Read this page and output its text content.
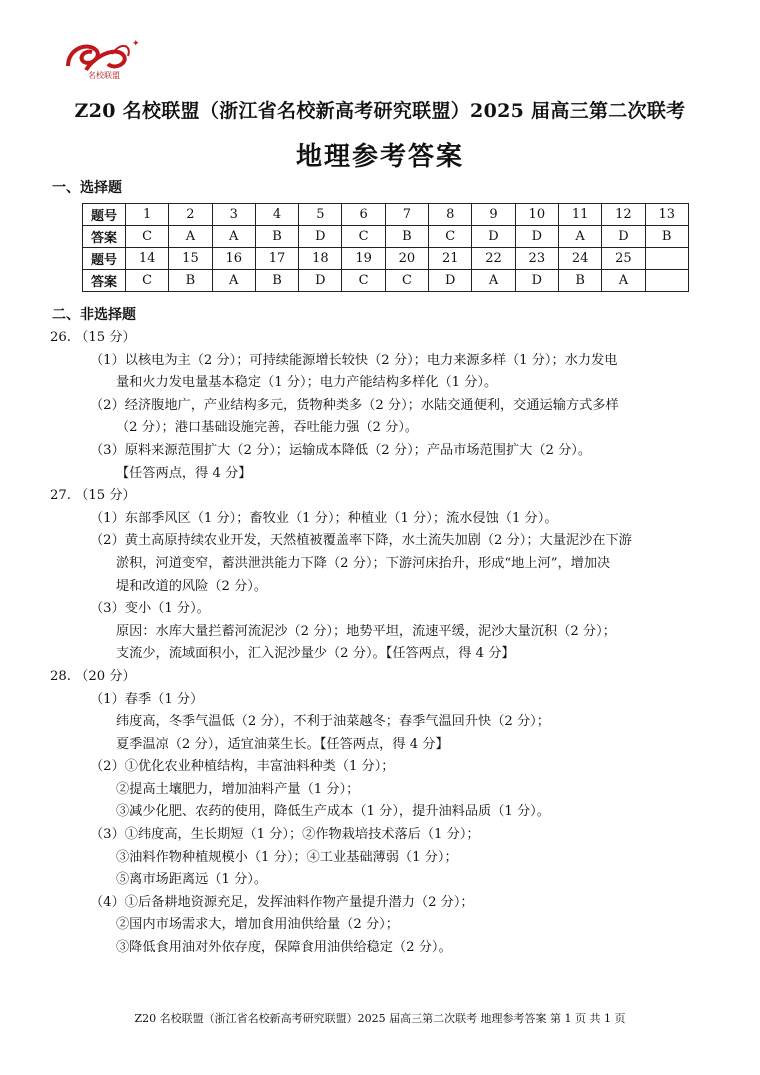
✦
名校联盟
Z20 名校联盟（浙江省名校新高考研究联盟）2025 届高三第二次联考
地理参考答案
一、选择题
题号	1	2	3	4	5	6	7	8	9	10	11	12	13
答案	C	A	A	B	D	C	B	C	D	D	A	D	B
题号	14	15	16	17	18	19	20	21	22	23	24	25	
答案	C	B	A	B	D	C	C	D	A	D	B	A	
二、非选择题
26. （15 分）
（1）以核电为主（2 分）；可持续能源增长较快（2 分）；电力来源多样（1 分）；水力发电
量和火力发电量基本稳定（1 分）；电力产能结构多样化（1 分）。
（2）经济腹地广，产业结构多元，货物种类多（2 分）；水陆交通便利，交通运输方式多样
（2 分）；港口基础设施完善，吞吐能力强（2 分）。
（3）原料来源范围扩大（2 分）；运输成本降低（2 分）；产品市场范围扩大（2 分）。
【任答两点，得 4 分】
27. （15 分）
（1）东部季风区（1 分）；畜牧业（1 分）；种植业（1 分）；流水侵蚀（1 分）。
（2）黄土高原持续农业开发，天然植被覆盖率下降，水土流失加剧（2 分）；大量泥沙在下游
淤积，河道变窄，蓄洪泄洪能力下降（2 分）；下游河床抬升，形成“地上河”，增加决
堤和改道的风险（2 分）。
（3）变小（1 分）。
原因：水库大量拦蓄河流泥沙（2 分）；地势平坦，流速平缓，泥沙大量沉积（2 分）；
支流少，流域面积小，汇入泥沙量少（2 分）。【任答两点，得 4 分】
28. （20 分）
（1）春季（1 分）
纬度高，冬季气温低（2 分），不利于油菜越冬；春季气温回升快（2 分）；
夏季温凉（2 分），适宜油菜生长。【任答两点，得 4 分】
（2）①优化农业种植结构，丰富油料种类（1 分）；
②提高土壤肥力，增加油料产量（1 分）；
③减少化肥、农药的使用，降低生产成本（1 分），提升油料品质（1 分）。
（3）①纬度高，生长期短（1 分）；②作物栽培技术落后（1 分）；
③油料作物种植规模小（1 分）；④工业基础薄弱（1 分）；
⑤离市场距离远（1 分）。
（4）①后备耕地资源充足，发挥油料作物产量提升潜力（2 分）；
②国内市场需求大，增加食用油供给量（2 分）；
③降低食用油对外依存度，保障食用油供给稳定（2 分）。
Z20 名校联盟（浙江省名校新高考研究联盟）2025 届高三第二次联考 地理参考答案 第 1 页 共 1 页
